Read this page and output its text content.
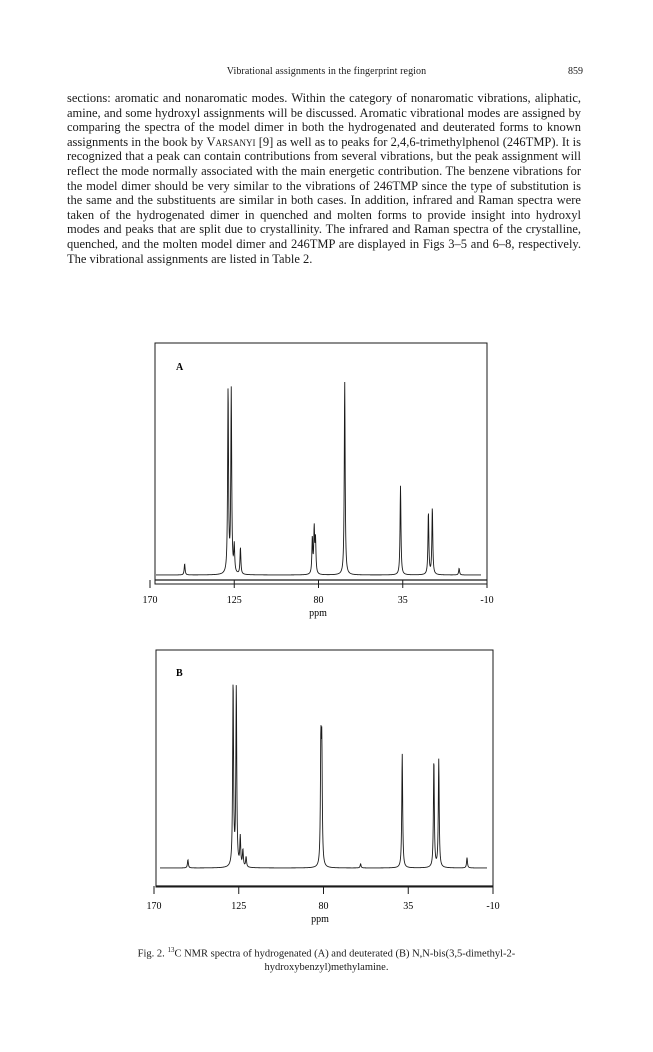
Vibrational assignments in the fingerprint region	859

sections: aromatic and nonaromatic modes. Within the category of nonaromatic vibrations, aliphatic, amine, and some hydroxyl assignments will be discussed. Aromatic vibrational modes are assigned by comparing the spectra of the model dimer in both the hydrogenated and deuterated forms to known assignments in the book by Varsanyi [9] as well as to peaks for 2,4,6-trimethylphenol (246TMP). It is recognized that a peak can contain contributions from several vibrations, but the peak assignment will reflect the mode normally associated with the main energetic contribution. The benzene vibrations for the model dimer should be very similar to the vibrations of 246TMP since the type of substitution is the same and the substituents are similar in both cases. In addition, infrared and Raman spectra were taken of the hydrogenated dimer in quenched and molten forms to provide insight into hydroxyl modes and peaks that are split due to crystallinity. The infrared and Raman spectra of the crystalline, quenched, and the molten model dimer and 246TMP are displayed in Figs 3–5 and 6–8, respectively. The vibrational assignments are listed in Table 2.

A
170	125	80	35	-10
ppm
B
170	125	80	35	-10
ppm

Fig. 2. $^{13}$C NMR spectra of hydrogenated (A) and deuterated (B) N,N-bis(3,5-dimethyl-2-hydroxybenzyl)methylamine.
